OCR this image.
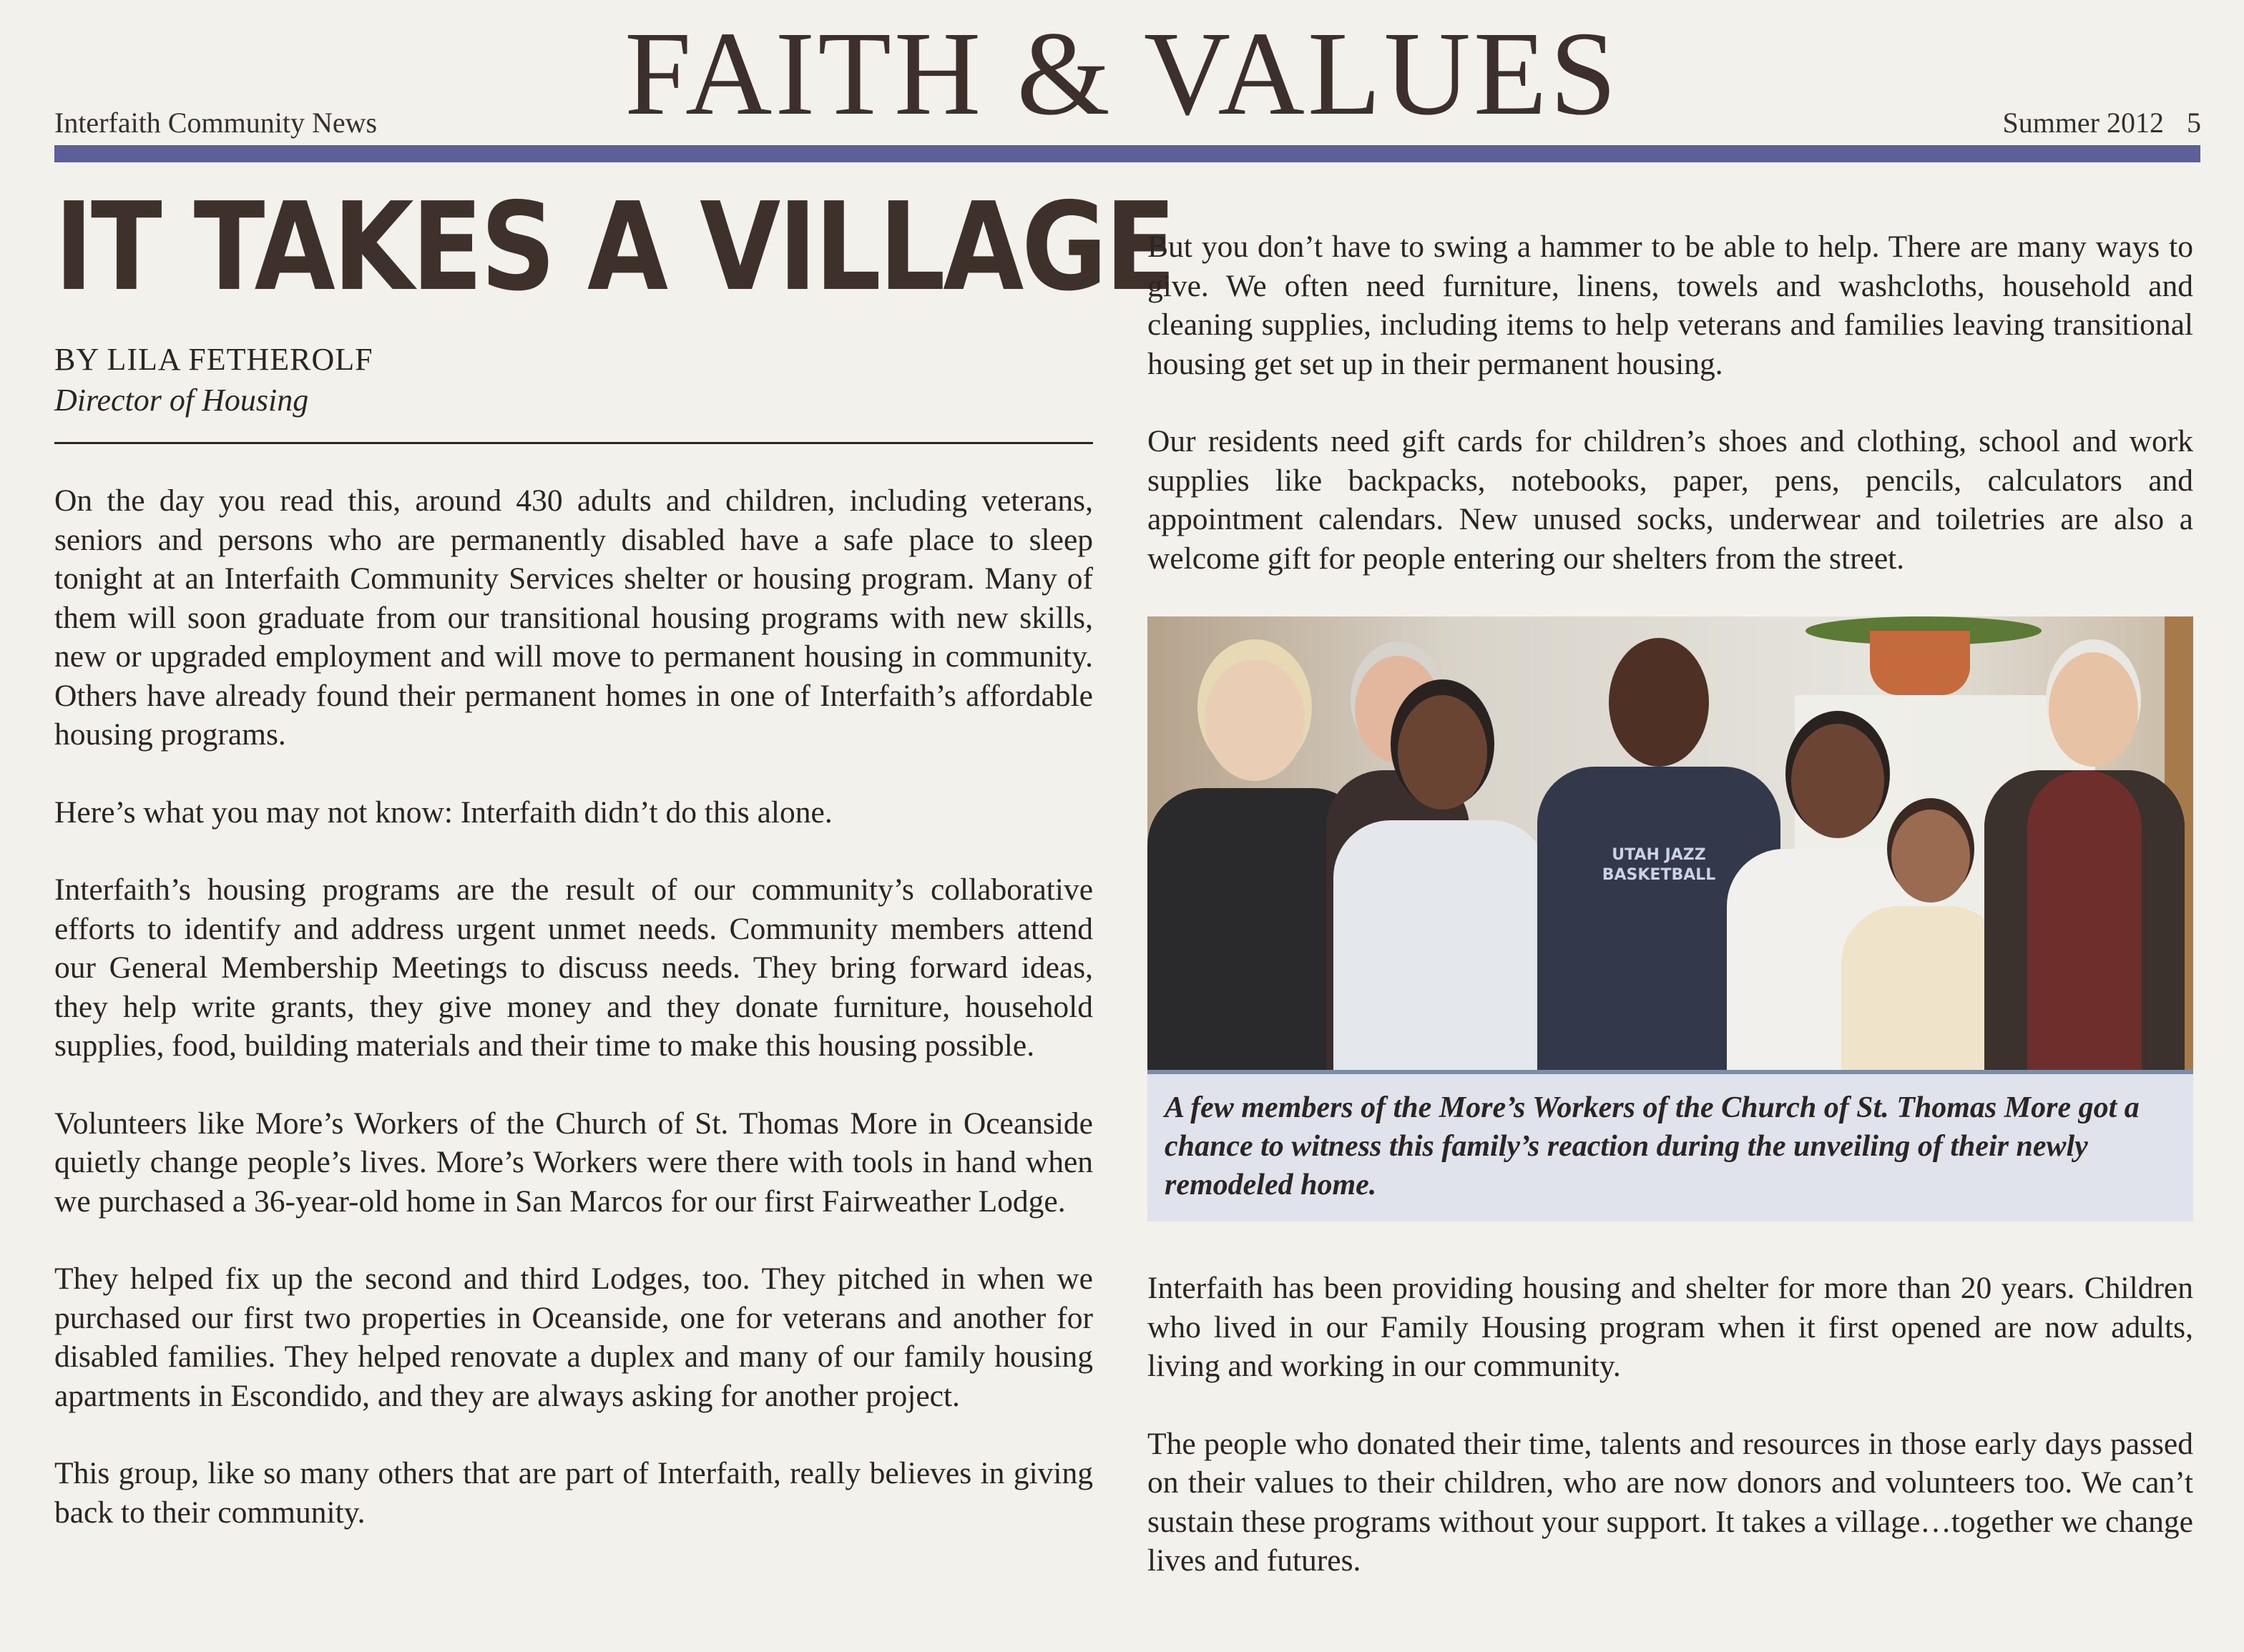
FAITH & VALUES
Interfaith Community News	Summer 2012 5
IT TAKES A VILLAGE
BY LILA FETHEROLF
Director of Housing

On the day you read this, around 430 adults and children, including veterans, seniors and persons who are permanently disabled have a safe place to sleep tonight at an Interfaith Community Services shelter or housing program. Many of them will soon graduate from our transitional housing programs with new skills, new or upgraded employment and will move to permanent housing in community. Others have already found their permanent homes in one of Interfaith’s affordable housing programs.

Here’s what you may not know: Interfaith didn’t do this alone.

Interfaith’s housing programs are the result of our community’s collaborative efforts to identify and address urgent unmet needs. Community members attend our General Membership Meetings to discuss needs. They bring forward ideas, they help write grants, they give money and they donate furniture, household supplies, food, building materials and their time to make this housing possible.

Volunteers like More’s Workers of the Church of St. Thomas More in Oceanside quietly change people’s lives. More’s Workers were there with tools in hand when we purchased a 36-year-old home in San Marcos for our first Fairweather Lodge.

They helped fix up the second and third Lodges, too. They pitched in when we purchased our first two properties in Oceanside, one for veterans and another for disabled families. They helped renovate a duplex and many of our family housing apartments in Escondido, and they are always asking for another project.

This group, like so many others that are part of Interfaith, really believes in giving back to their community.

But you don’t have to swing a hammer to be able to help. There are many ways to give. We often need furniture, linens, towels and washcloths, household and cleaning supplies, including items to help veterans and families leaving transitional housing get set up in their permanent housing.

Our residents need gift cards for children’s shoes and clothing, school and work supplies like backpacks, notebooks, paper, pens, pencils, calculators and appointment calendars. New unused socks, underwear and toiletries are also a welcome gift for people entering our shelters from the street.

UTAH JAZZ BASKETBALL

A few members of the More’s Workers of the Church of St. Thomas More got a chance to witness this family’s reaction during the unveiling of their newly remodeled home.

Interfaith has been providing housing and shelter for more than 20 years. Children who lived in our Family Housing program when it first opened are now adults, living and working in our community.

The people who donated their time, talents and resources in those early days passed on their values to their children, who are now donors and volunteers too. We can’t sustain these programs without your support. It takes a village…together we change lives and futures.
